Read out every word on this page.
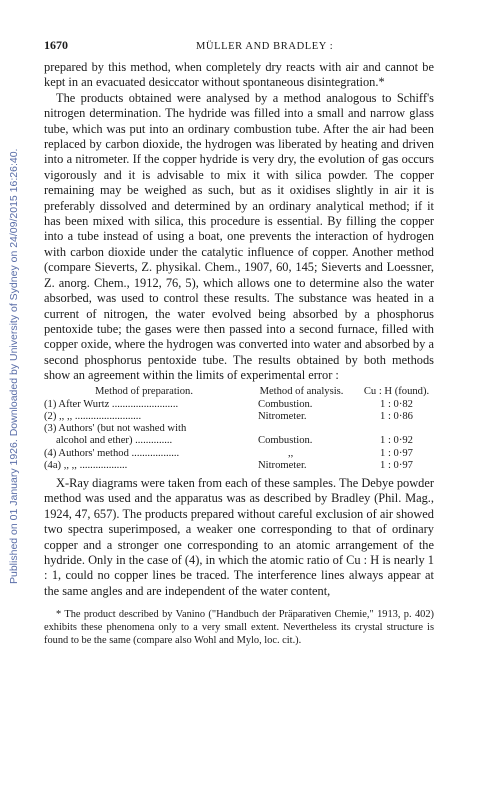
Published on 01 January 1926. Downloaded by University of Sydney on 24/09/2015 16:26:40.
1670	MÜLLER AND BRADLEY :

prepared by this method, when completely dry reacts with air and cannot be kept in an evacuated desiccator without spontaneous disintegration.*

The products obtained were analysed by a method analogous to Schiff's nitrogen determination. The hydride was filled into a small and narrow glass tube, which was put into an ordinary combustion tube. After the air had been replaced by carbon dioxide, the hydrogen was liberated by heating and driven into a nitrometer. If the copper hydride is very dry, the evolution of gas occurs vigorously and it is advisable to mix it with silica powder. The copper remaining may be weighed as such, but as it oxidises slightly in air it is preferably dissolved and determined by an ordinary analytical method; if it has been mixed with silica, this procedure is essential. By filling the copper into a tube instead of using a boat, one prevents the interaction of hydrogen with carbon dioxide under the catalytic influence of copper. Another method (compare Sieverts, Z. physikal. Chem., 1907, 60, 145; Sieverts and Loessner, Z. anorg. Chem., 1912, 76, 5), which allows one to determine also the water absorbed, was used to control these results. The substance was heated in a current of nitrogen, the water evolved being absorbed by a phosphorus pentoxide tube; the gases were then passed into a second furnace, filled with copper oxide, where the hydrogen was converted into water and absorbed by a second phosphorus pentoxide tube. The results obtained by both methods show an agreement within the limits of experimental error :

Method of preparation.	Method of analysis.	Cu : H (found).
(1) After Wurtz .........................	Combustion.	1 : 0·82
(2) ,, ,, .........................	Nitrometer.	1 : 0·86
(3) Authors' (but not washed with		
alcohol and ether) ..............	Combustion.	1 : 0·92
(4) Authors' method ..................	,,	1 : 0·97
(4a) ,, ,, ..................	Nitrometer.	1 : 0·97

X-Ray diagrams were taken from each of these samples. The Debye powder method was used and the apparatus was as described by Bradley (Phil. Mag., 1924, 47, 657). The products prepared without careful exclusion of air showed two spectra superimposed, a weaker one corresponding to that of ordinary copper and a stronger one corresponding to an atomic arrangement of the hydride. Only in the case of (4), in which the atomic ratio of Cu : H is nearly 1 : 1, could no copper lines be traced. The interference lines always appear at the same angles and are independent of the water content,

* The product described by Vanino ("Handbuch der Präparativen Chemie," 1913, p. 402) exhibits these phenomena only to a very small extent. Nevertheless its crystal structure is found to be the same (compare also Wohl and Mylo, loc. cit.).
